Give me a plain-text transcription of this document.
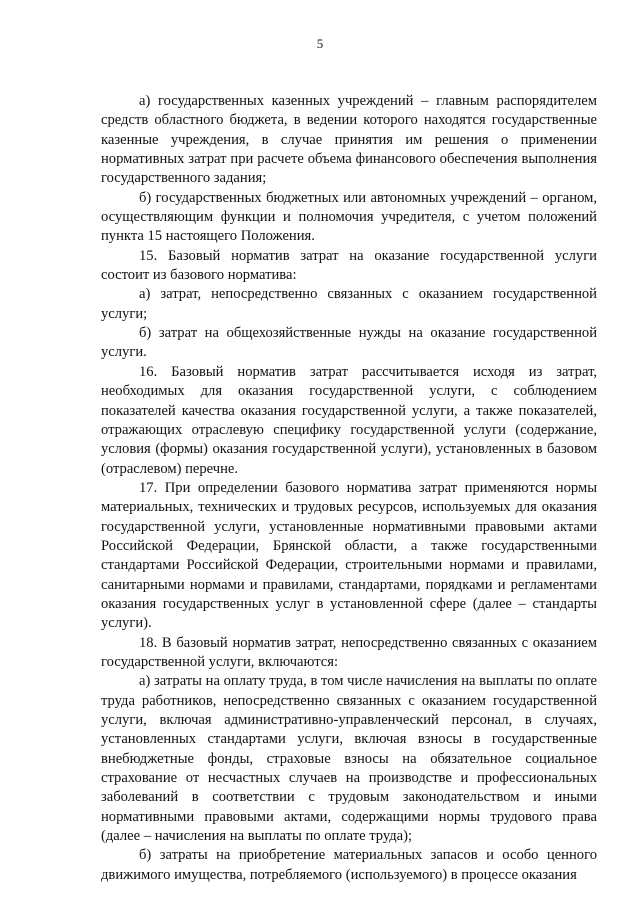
5

а) государственных казенных учреждений – главным распорядителем средств областного бюджета, в ведении которого находятся государственные казенные учреждения, в случае принятия им решения о применении нормативных затрат при расчете объема финансового обеспечения выполнения государственного задания;

б) государственных бюджетных или автономных учреждений – органом, осуществляющим функции и полномочия учредителя, с учетом положений пункта 15 настоящего Положения.

15. Базовый норматив затрат на оказание государственной услуги состоит из базового норматива:

а) затрат, непосредственно связанных с оказанием государственной услуги;

б) затрат на общехозяйственные нужды на оказание государственной услуги.

16. Базовый норматив затрат рассчитывается исходя из затрат, необходимых для оказания государственной услуги, с соблюдением показателей качества оказания государственной услуги, а также показателей, отражающих отраслевую специфику государственной услуги (содержание, условия (формы) оказания государственной услуги), установленных в базовом (отраслевом) перечне.

17. При определении базового норматива затрат применяются нормы материальных, технических и трудовых ресурсов, используемых для оказания государственной услуги, установленные нормативными правовыми актами Российской Федерации, Брянской области, а также государственными стандартами Российской Федерации, строительными нормами и правилами, санитарными нормами и правилами, стандартами, порядками и регламентами оказания государственных услуг в установленной сфере (далее – стандарты услуги).

18. В базовый норматив затрат, непосредственно связанных с оказанием государственной услуги, включаются:

а) затраты на оплату труда, в том числе начисления на выплаты по оплате труда работников, непосредственно связанных с оказанием государственной услуги, включая административно-управленческий персонал, в случаях, установленных стандартами услуги, включая взносы в государственные внебюджетные фонды, страховые взносы на обязательное социальное страхование от несчастных случаев на производстве и профессиональных заболеваний в соответствии с трудовым законодательством и иными нормативными правовыми актами, содержащими нормы трудового права (далее – начисления на выплаты по оплате труда);

б) затраты на приобретение материальных запасов и особо ценного движимого имущества, потребляемого (используемого) в процессе оказания
